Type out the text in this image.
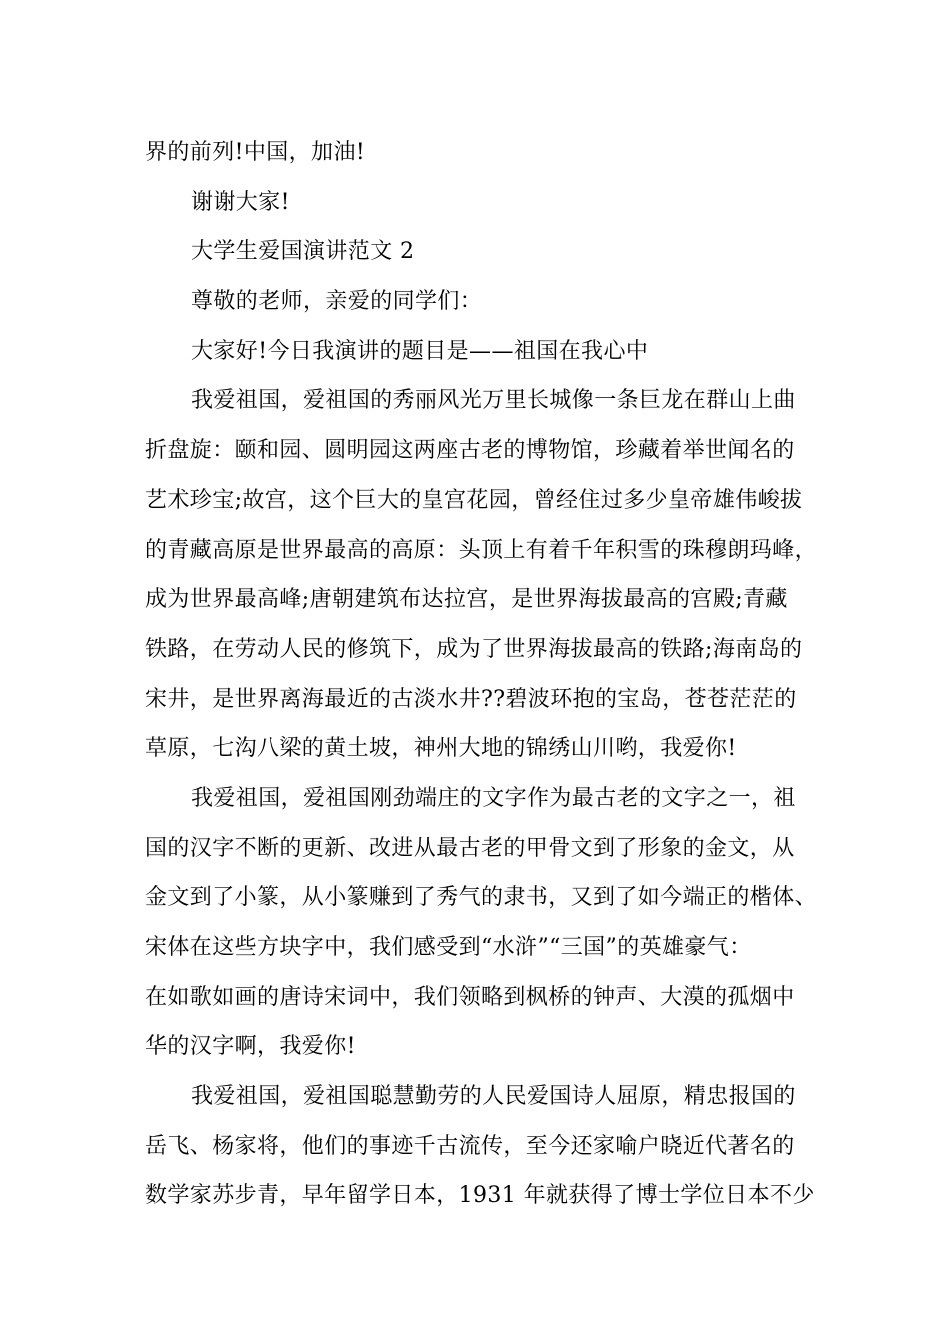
界的前列!中国，加油!
谢谢大家!
大学生爱国演讲范文 2
尊敬的老师，亲爱的同学们：
大家好!今日我演讲的题目是——祖国在我心中
我爱祖国，爱祖国的秀丽风光万里长城像一条巨龙在群山上曲
折盘旋：颐和园、圆明园这两座古老的博物馆，珍藏着举世闻名的
艺术珍宝;故宫，这个巨大的皇宫花园，曾经住过多少皇帝雄伟峻拔
的青藏高原是世界最高的高原：头顶上有着千年积雪的珠穆朗玛峰，
成为世界最高峰;唐朝建筑布达拉宫，是世界海拔最高的宫殿;青藏
铁路，在劳动人民的修筑下，成为了世界海拔最高的铁路;海南岛的
宋井，是世界离海最近的古淡水井??碧波环抱的宝岛，苍苍茫茫的
草原，七沟八梁的黄土坡，神州大地的锦绣山川哟，我爱你!
我爱祖国，爱祖国刚劲端庄的文字作为最古老的文字之一，祖
国的汉字不断的更新、改进从最古老的甲骨文到了形象的金文，从
金文到了小篆，从小篆赚到了秀气的隶书，又到了如今端正的楷体、
宋体在这些方块字中，我们感受到“水浒”“三国”的英雄豪气：
在如歌如画的唐诗宋词中，我们领略到枫桥的钟声、大漠的孤烟中
华的汉字啊，我爱你!
我爱祖国，爱祖国聪慧勤劳的人民爱国诗人屈原，精忠报国的
岳飞、杨家将，他们的事迹千古流传，至今还家喻户晓近代著名的
数学家苏步青，早年留学日本，1931 年就获得了博士学位日本不少
